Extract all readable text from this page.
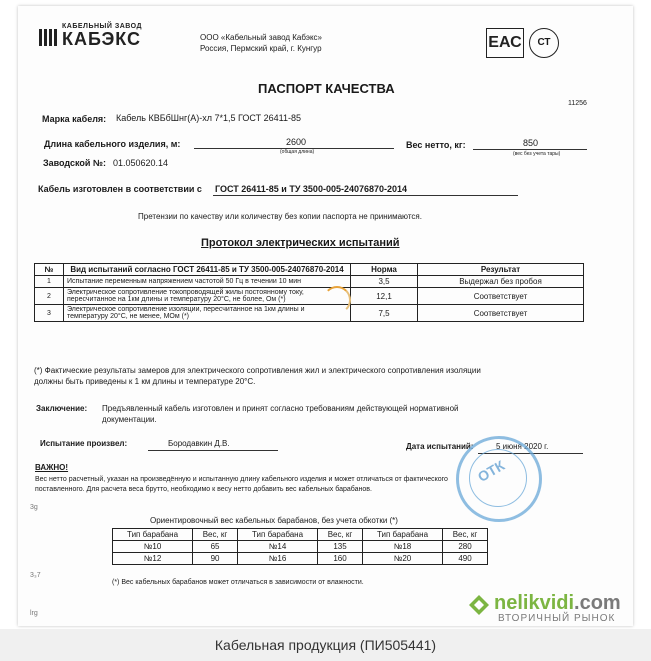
КАБЕЛЬНЫЙ ЗАВОД
КАБЭКС	ООО «Кабельный завод Кабэкс»
Россия, Пермский край, г. Кунгур	ЕАС	СТ
ПАСПОРТ КАЧЕСТВА
11256
Марка кабеля: Кабель КВБбШнг(А)-хл 7*1,5 ГОСТ 26411-85
Длина кабельного изделия, м:	2600
(общая длина)
Вес нетто, кг:	850
(вес без учета тары)
Заводской №: 01.050620.14
Кабель изготовлен в соответствии с ГОСТ 26411-85 и ТУ 3500-005-24076870-2014
Претензии по качеству или количеству без копии паспорта не принимаются.
Протокол электрических испытаний
№	Вид испытаний согласно ГОСТ 26411-85 и ТУ 3500-005-24076870-2014	Норма	Результат
1	Испытание переменным напряжением частотой 50 Гц в течении 10 мин	3,5	Выдержал без пробоя
2	Электрическое сопротивление токопроводящей жилы постоянному току, пересчитанное на 1км длины и температуру 20°С, не более, Ом (*)	12,1	Соответствует
3	Электрическое сопротивление изоляции, пересчитанное на 1км длины и температуру 20°С, не менее, МОм (*)	7,5	Соответствует
(*) Фактические результаты замеров для электрического сопротивления жил и электрического сопротивления изоляции
должны быть приведены к 1 км длины и температуре 20°С.
Заключение: Предъявленный кабель изготовлен и принят согласно требованиям действующей нормативной
документации.
Испытание произвел:	Бородавкин Д.В.	Дата испытаний:	5 июня 2020 г.
ВАЖНО!
Вес нетто расчетный, указан на произведённую и испытанную длину кабельного изделия и может отличаться от фактического
поставленного. Для расчета веса брутто, необходимо к весу нетто добавить вес кабельных барабанов.
Ориентировочный вес кабельных барабанов, без учета обкотки (*)
Тип барабана	Вес, кг	Тип барабана	Вес, кг	Тип барабана	Вес, кг
№10	65	№14	135	№18	280
№12	90	№16	160	№20	490
(*) Вес кабельных барабанов может отличаться в зависимости от влажности.
3g
3₃7
lrg
ОТК
nelikvidi.com
ВТОРИЧНЫЙ РЫНОК
Кабельная продукция (ПИ505441)
